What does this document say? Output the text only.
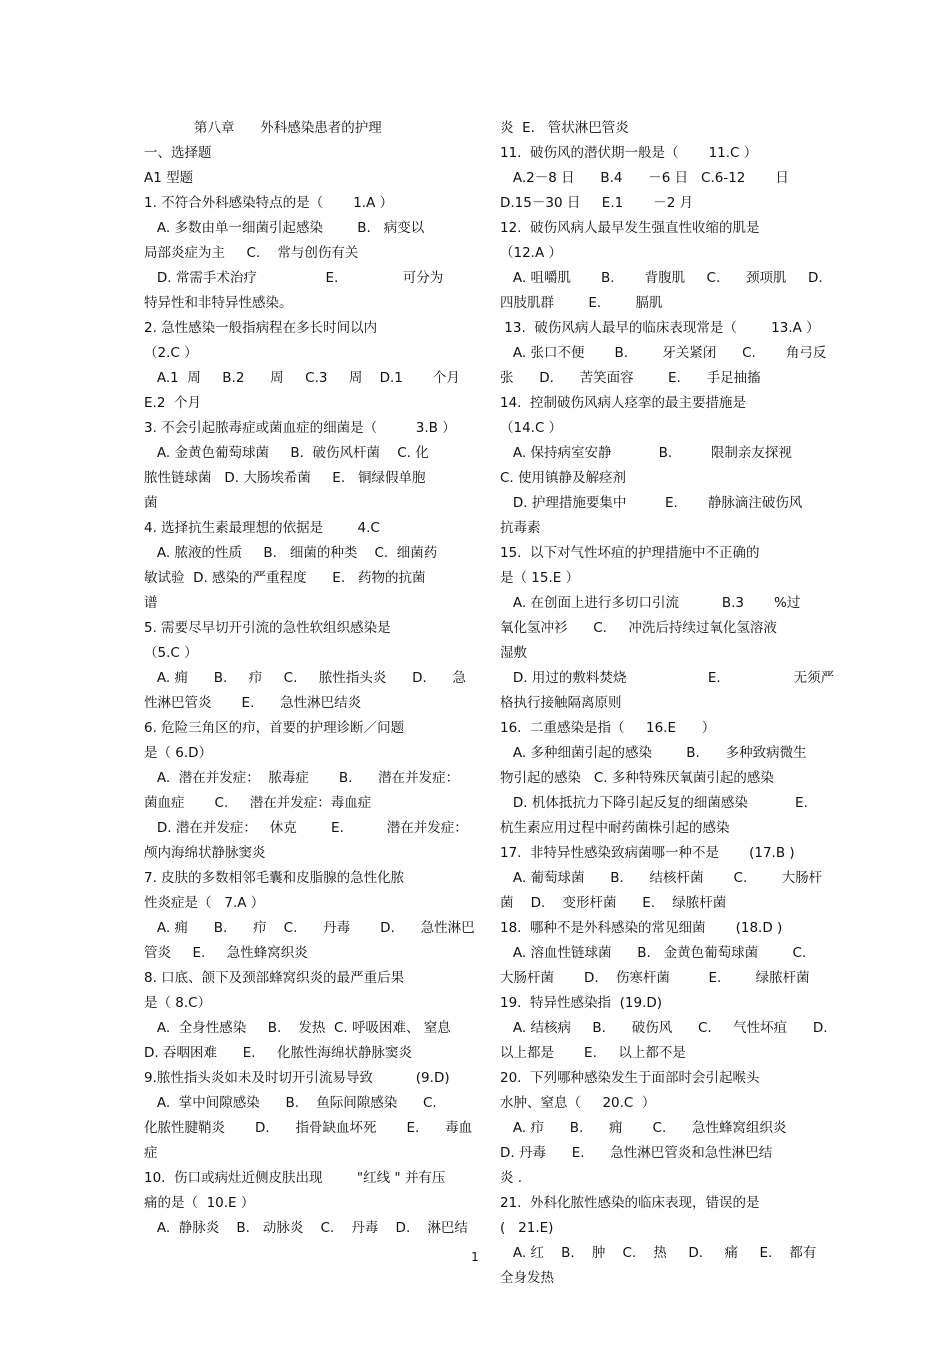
第八章      外科感染患者的护理
一、选择题
A1 型题
1. 不符合外科感染特点的是（       1.A ）
A. 多数由单一细菌引起感染        B.   病变以
局部炎症为主     C.    常与创伤有关
D. 常需手术治疗                E.               可分为
特异性和非特异性感染。
2. 急性感染一般指病程在多长时间以内
（2.C ）
A.1  周     B.2      周     C.3     周    D.1       个月
E.2  个月
3. 不会引起脓毒症或菌血症的细菌是（         3.B ）
A. 金黄色葡萄球菌     B.  破伤风杆菌    C. 化
脓性链球菌   D. 大肠埃希菌     E.   铜绿假单胞
菌
4. 选择抗生素最理想的依据是        4.C
A. 脓液的性质     B.   细菌的种类    C.  细菌药
敏试验  D. 感染的严重程度      E.   药物的抗菌
谱
5. 需要尽早切开引流的急性软组织感染是
（5.C ）
A. 痈      B.     疖     C.     脓性指头炎      D.      急
性淋巴管炎       E.      急性淋巴结炎
6. 危险三角区的疖，首要的护理诊断／问题
是（ 6.D）
A.  潜在并发症：  脓毒症       B.      潜在并发症：
菌血症       C.     潜在并发症：毒血症
D. 潜在并发症：   休克        E.          潜在并发症：
颅内海绵状静脉窦炎
7. 皮肤的多数相邻毛囊和皮脂腺的急性化脓
性炎症是（   7.A ）
A. 痈      B.      疖    C.      丹毒       D.      急性淋巴
管炎     E.     急性蜂窝织炎
8. 口底、颌下及颈部蜂窝织炎的最严重后果
是（ 8.C）
A.  全身性感染     B.    发热  C. 呼吸困难、 窒息
D. 吞咽困难      E.     化脓性海绵状静脉窦炎
9.脓性指头炎如未及时切开引流易导致          (9.D)
A.  掌中间隙感染      B.    鱼际间隙感染      C.
化脓性腱鞘炎       D.      指骨缺血坏死       E.      毒血
症
10.  伤口或病灶近侧皮肤出现        "红线 " 并有压
痛的是（  10.E ）
A.  静脉炎    B.   动脉炎    C.    丹毒    D.    淋巴结
炎  E.   管状淋巴管炎
11.  破伤风的潜伏期一般是（       11.C ）
A.2－8 日      B.4      －6 日   C.6-12       日
D.15－30 日     E.1       －2 月
12.  破伤风病人最早发生强直性收缩的肌是
（12.A ）
A. 咀嚼肌       B.       背腹肌     C.      颈项肌     D.
四肢肌群        E.        膈肌
13.  破伤风病人最早的临床表现常是（        13.A ）
A. 张口不便       B.        牙关紧闭      C.       角弓反
张      D.      苦笑面容        E.      手足抽搐
14.  控制破伤风病人痉挛的最主要措施是
（14.C ）
A. 保持病室安静           B.         限制亲友探视
C. 使用镇静及解痉剂
D. 护理措施要集中         E.       静脉滴注破伤风
抗毒素
15.  以下对气性坏疽的护理措施中不正确的
是（ 15.E ）
A. 在创面上进行多切口引流          B.3       %过
氧化氢冲衫      C.     冲洗后持续过氧化氢溶液
湿敷
D. 用过的敷料焚烧                   E.                 无须严
格执行接触隔离原则
16.  二重感染是指（     16.E      ）
A. 多种细菌引起的感染        B.      多种致病微生
物引起的感染   C. 多种特殊厌氧菌引起的感染
D. 机体抵抗力下降引起反复的细菌感染           E.
杭生素应用过程中耐药菌株引起的感染
17.  非特异性感染致病菌哪一种不是       (17.B )
A. 葡萄球菌      B.      结核杆菌       C.        大肠杆
菌    D.    变形杆菌      E.    绿脓杆菌
18.  哪种不是外科感染的常见细菌       (18.D )
A. 溶血性链球菌      B.   金黄色葡萄球菌        C.
大肠杆菌       D.    伤寒杆菌         E.        绿脓杆菌
19.  特异性感染指  (19.D)
A. 结核病     B.      破伤风      C.     气性坏疽      D.
以上都是       E.     以上都不是
20.  下列哪种感染发生于面部时会引起喉头
水肿、窒息（     20.C  ）
A. 疖      B.      痈       C.      急性蜂窝组织炎
D. 丹毒      E.      急性淋巴管炎和急性淋巴结
炎 .
21.  外科化脓性感染的临床表现，错误的是
(   21.E)
A. 红    B.    肿    C.    热     D.     痛     E.    都有
全身发热
1
